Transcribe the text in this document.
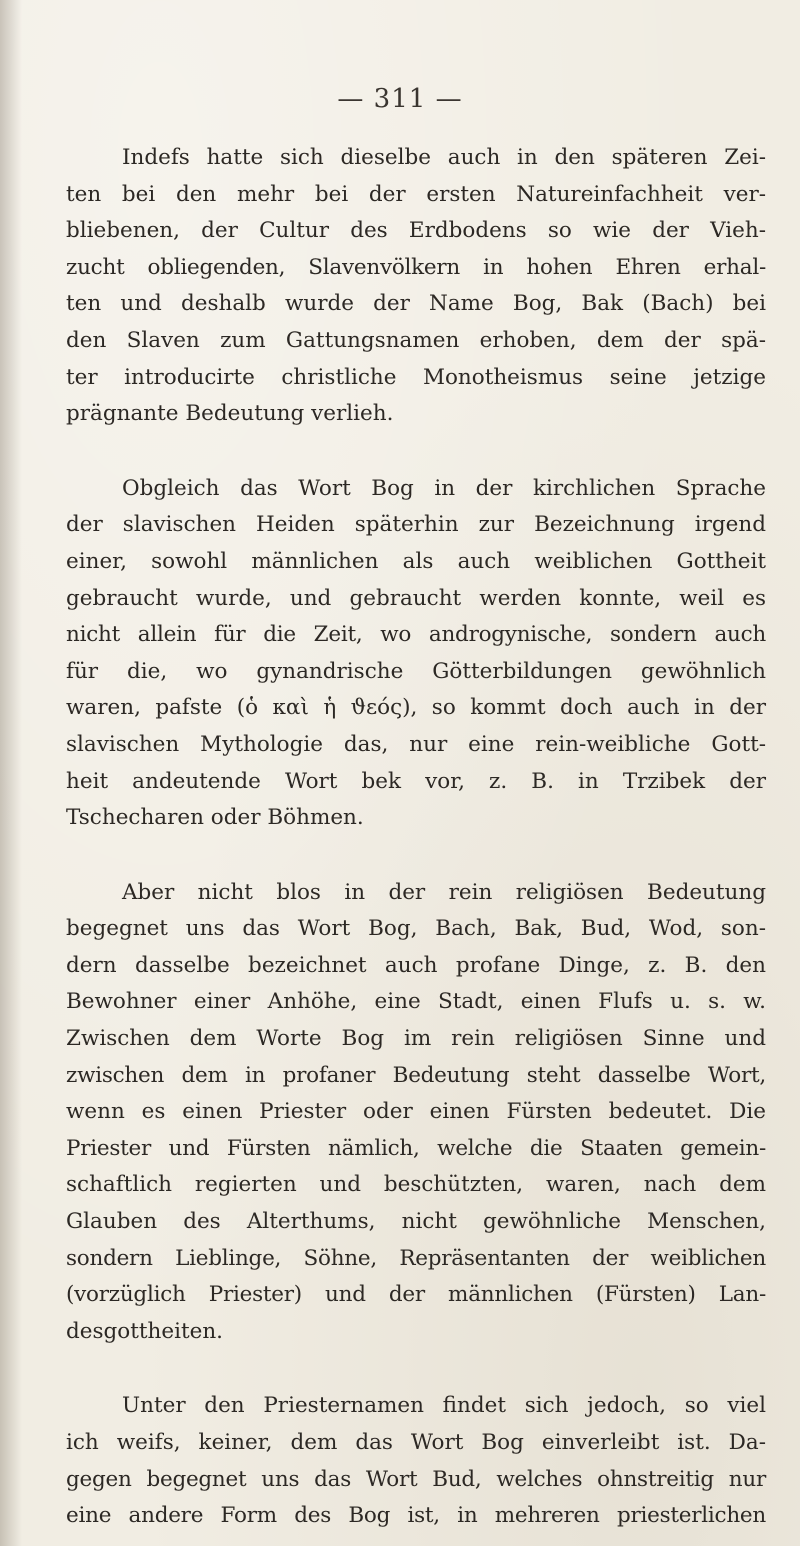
— 311 —

Indefs hatte sich dieselbe auch in den späteren Zei-
ten bei den mehr bei der ersten Natureinfachheit ver-
bliebenen, der Cultur des Erdbodens so wie der Vieh-
zucht obliegenden, Slavenvölkern in hohen Ehren erhal-
ten und deshalb wurde der Name Bog, Bak (Bach) bei
den Slaven zum Gattungsnamen erhoben, dem der spä-
ter introducirte christliche Monotheismus seine jetzige
prägnante Bedeutung verlieh.

Obgleich das Wort Bog in der kirchlichen Sprache
der slavischen Heiden späterhin zur Bezeichnung irgend
einer, sowohl männlichen als auch weiblichen Gottheit
gebraucht wurde, und gebraucht werden konnte, weil es
nicht allein für die Zeit, wo androgynische, sondern auch
für die, wo gynandrische Götterbildungen gewöhnlich
waren, pafste (ὁ καὶ ἡ ϑεός), so kommt doch auch in der
slavischen Mythologie das, nur eine rein-weibliche Gott-
heit andeutende Wort bek vor, z. B. in Trzibek der
Tschecharen oder Böhmen.

Aber nicht blos in der rein religiösen Bedeutung
begegnet uns das Wort Bog, Bach, Bak, Bud, Wod, son-
dern dasselbe bezeichnet auch profane Dinge, z. B. den
Bewohner einer Anhöhe, eine Stadt, einen Flufs u. s. w.
Zwischen dem Worte Bog im rein religiösen Sinne und
zwischen dem in profaner Bedeutung steht dasselbe Wort,
wenn es einen Priester oder einen Fürsten bedeutet. Die
Priester und Fürsten nämlich, welche die Staaten gemein-
schaftlich regierten und beschützten, waren, nach dem
Glauben des Alterthums, nicht gewöhnliche Menschen,
sondern Lieblinge, Söhne, Repräsentanten der weiblichen
(vorzüglich Priester) und der männlichen (Fürsten) Lan-
desgottheiten.

Unter den Priesternamen findet sich jedoch, so viel
ich weifs, keiner, dem das Wort Bog einverleibt ist. Da-
gegen begegnet uns das Wort Bud, welches ohnstreitig nur
eine andere Form des Bog ist, in mehreren priesterlichen
